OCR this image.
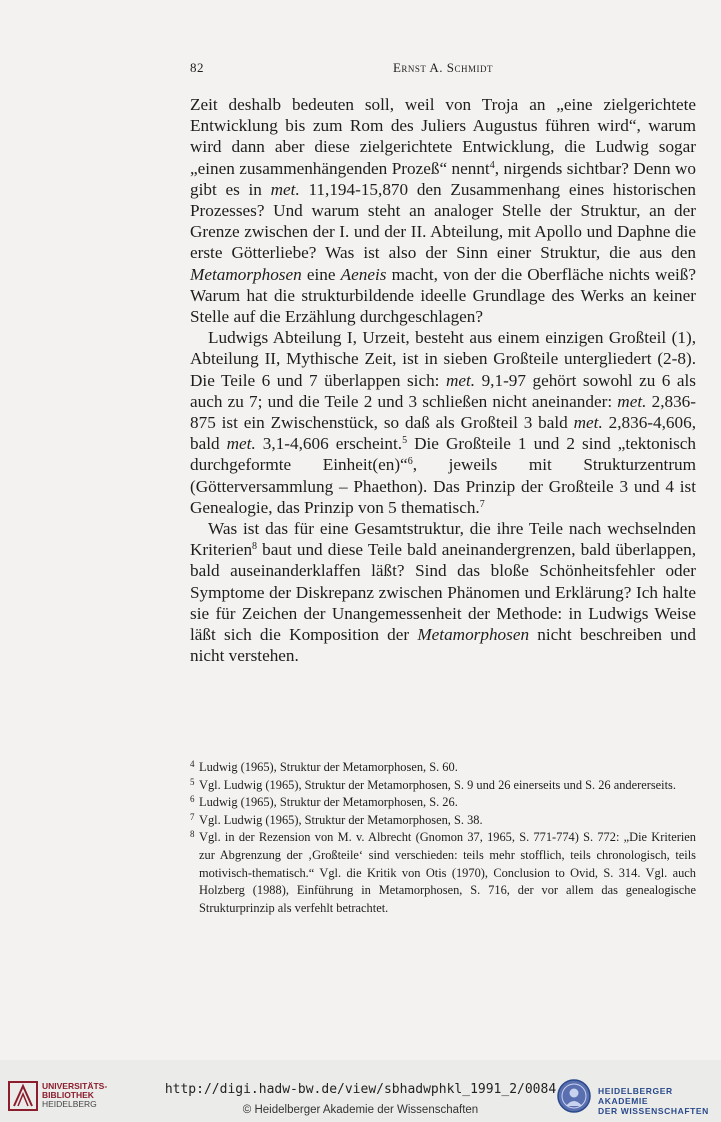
82	Ernst A. Schmidt

Zeit deshalb bedeuten soll, weil von Troja an „eine zielgerichtete Entwicklung bis zum Rom des Juliers Augustus führen wird“, warum wird dann aber diese zielgerichtete Entwicklung, die Ludwig sogar „einen zusammenhängenden Prozeß“ nennt$^4$, nirgends sichtbar? Denn wo gibt es in met. 11,194-15,870 den Zusammenhang eines historischen Prozesses? Und warum steht an analoger Stelle der Struktur, an der Grenze zwischen der I. und der II. Abteilung, mit Apollo und Daphne die erste Götterliebe? Was ist also der Sinn einer Struktur, die aus den Metamorphosen eine Aeneis macht, von der die Oberfläche nichts weiß? Warum hat die strukturbildende ideelle Grundlage des Werks an keiner Stelle auf die Erzählung durchgeschlagen?

Ludwigs Abteilung I, Urzeit, besteht aus einem einzigen Großteil (1), Abteilung II, Mythische Zeit, ist in sieben Großteile untergliedert (2-8). Die Teile 6 und 7 überlappen sich: met. 9,1-97 gehört sowohl zu 6 als auch zu 7; und die Teile 2 und 3 schließen nicht aneinander: met. 2,836-875 ist ein Zwischenstück, so daß als Großteil 3 bald met. 2,836-4,606, bald met. 3,1-4,606 erscheint.$^5$ Die Großteile 1 und 2 sind „tektonisch durchgeformte Einheit(en)“$^6$, jeweils mit Strukturzentrum (Götterversammlung – Phaethon). Das Prinzip der Großteile 3 und 4 ist Genealogie, das Prinzip von 5 thematisch.$^7$

Was ist das für eine Gesamtstruktur, die ihre Teile nach wechselnden Kriterien$^8$ baut und diese Teile bald aneinandergrenzen, bald überlappen, bald auseinanderklaffen läßt? Sind das bloße Schönheitsfehler oder Symptome der Diskrepanz zwischen Phänomen und Erklärung? Ich halte sie für Zeichen der Unangemessenheit der Methode: in Ludwigs Weise läßt sich die Komposition der Metamorphosen nicht beschreiben und nicht verstehen.

4 Ludwig (1965), Struktur der Metamorphosen, S. 60.
5 Vgl. Ludwig (1965), Struktur der Metamorphosen, S. 9 und 26 einerseits und S. 26 andererseits.
6 Ludwig (1965), Struktur der Metamorphosen, S. 26.
7 Vgl. Ludwig (1965), Struktur der Metamorphosen, S. 38.
8 Vgl. in der Rezension von M. v. Albrecht (Gnomon 37, 1965, S. 771-774) S. 772: „Die Kriterien zur Abgrenzung der ‚Großteile‘ sind verschieden: teils mehr stofflich, teils chronologisch, teils motivisch-thematisch.“ Vgl. die Kritik von Otis (1970), Conclusion to Ovid, S. 314. Vgl. auch Holzberg (1988), Einführung in Metamorphosen, S. 716, der vor allem das genealogische Strukturprinzip als verfehlt betrachtet.
UNIVERSITÄTS-
BIBLIOTHEK
HEIDELBERG
http://digi.hadw-bw.de/view/sbhadwphkl_1991_2/0084
© Heidelberger Akademie der Wissenschaften
HEIDELBERGER AKADEMIE
DER WISSENSCHAFTEN
